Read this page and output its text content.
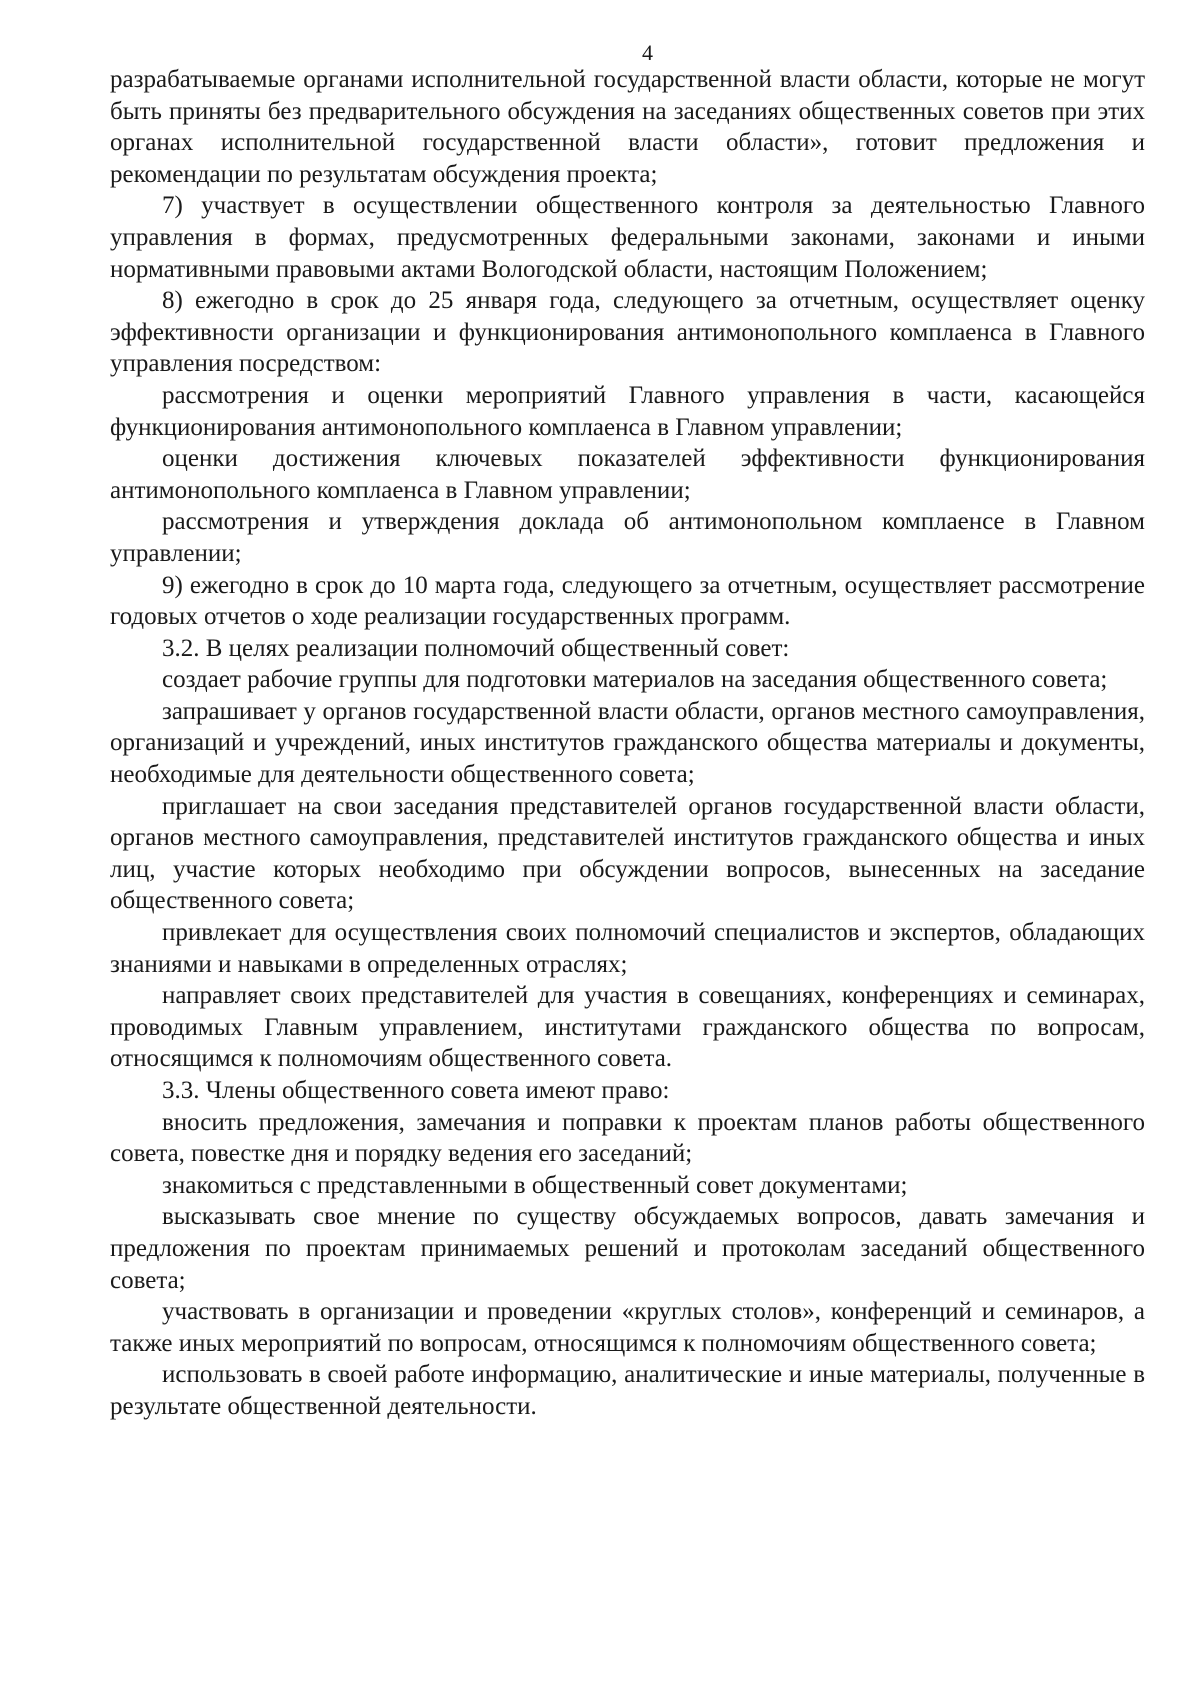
4

разрабатываемые органами исполнительной государственной власти области, которые не могут быть приняты без предварительного обсуждения на заседаниях общественных советов при этих органах исполнительной государственной власти области», готовит предложения и рекомендации по результатам обсуждения проекта;

7) участвует в осуществлении общественного контроля за деятельностью Главного управления в формах, предусмотренных федеральными законами, законами и иными нормативными правовыми актами Вологодской области, настоящим Положением;

8) ежегодно в срок до 25 января года, следующего за отчетным, осуществляет оценку эффективности организации и функционирования антимонопольного комплаенса в Главного управления посредством:

рассмотрения и оценки мероприятий Главного управления в части, касающейся функционирования антимонопольного комплаенса в Главном управлении;

оценки достижения ключевых показателей эффективности функционирования антимонопольного комплаенса в Главном управлении;

рассмотрения и утверждения доклада об антимонопольном комплаенсе в Главном управлении;

9) ежегодно в срок до 10 марта года, следующего за отчетным, осуществляет рассмотрение годовых отчетов о ходе реализации государственных программ.

3.2. В целях реализации полномочий общественный совет:

создает рабочие группы для подготовки материалов на заседания общественного совета;

запрашивает у органов государственной власти области, органов местного самоуправления, организаций и учреждений, иных институтов гражданского общества материалы и документы, необходимые для деятельности общественного совета;

приглашает на свои заседания представителей органов государственной власти области, органов местного самоуправления, представителей институтов гражданского общества и иных лиц, участие которых необходимо при обсуждении вопросов, вынесенных на заседание общественного совета;

привлекает для осуществления своих полномочий специалистов и экспертов, обладающих знаниями и навыками в определенных отраслях;

направляет своих представителей для участия в совещаниях, конференциях и семинарах, проводимых Главным управлением, институтами гражданского общества по вопросам, относящимся к полномочиям общественного совета.

3.3. Члены общественного совета имеют право:

вносить предложения, замечания и поправки к проектам планов работы общественного совета, повестке дня и порядку ведения его заседаний;

знакомиться с представленными в общественный совет документами;

высказывать свое мнение по существу обсуждаемых вопросов, давать замечания и предложения по проектам принимаемых решений и протоколам заседаний общественного совета;

участвовать в организации и проведении «круглых столов», конференций и семинаров, а также иных мероприятий по вопросам, относящимся к полномочиям общественного совета;

использовать в своей работе информацию, аналитические и иные материалы, полученные в результате общественной деятельности.
